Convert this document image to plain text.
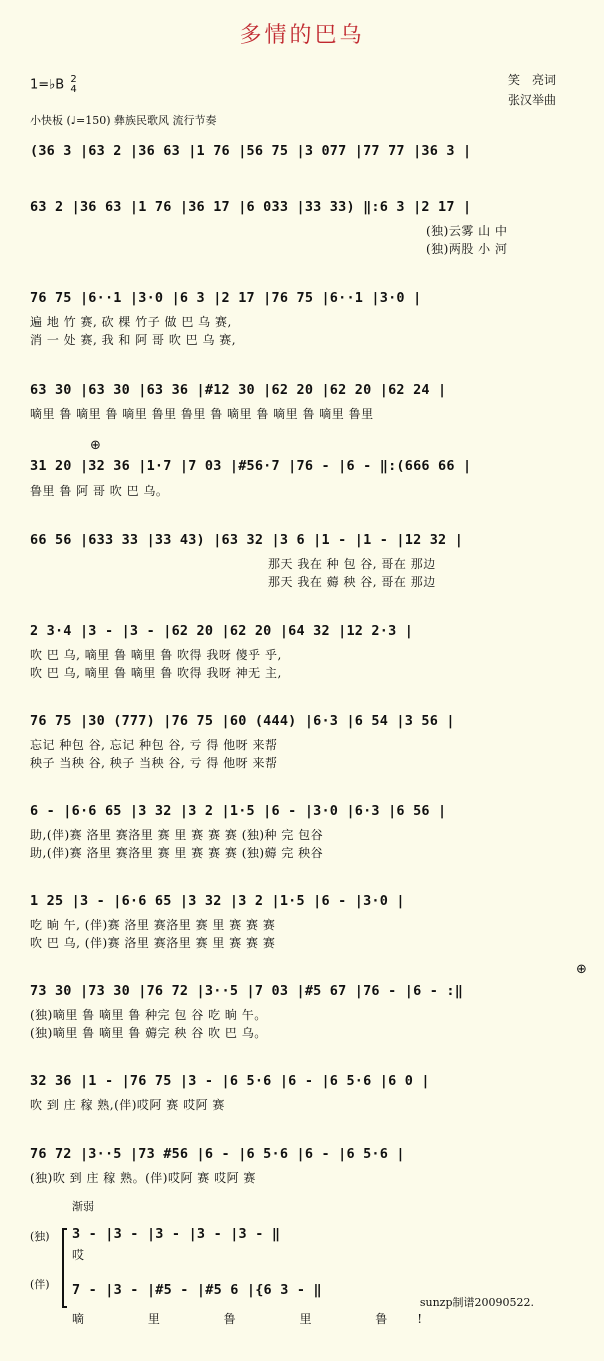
多情的巴乌
1=♭B 2
4
笑　亮词
张汉举曲
小快板 (♩=150) 彝族民歌风 流行节奏
(36 3 |63 2 |36 63 |1 76 |56 75 |3 077 |77 77 |36 3 |
63 2 |36 63 |1 76 |36 17 |6 033 |33 33) ‖:6 3 |2 17 |
(独)云雾 山 中
(独)两股 小 河
76 75 |6··1 |3·0 |6 3 |2 17 |76 75 |6··1 |3·0 |
遍 地 竹 赛, 砍 棵 竹子 做 巴 乌 赛,
消 一 处 赛, 我 和 阿 哥 吹 巴 乌 赛,
63 30 |63 30 |63 36 |#12 30 |62 20 |62 20 |62 24 |
嘀里 鲁 嘀里 鲁 嘀里 鲁里 鲁里 鲁 嘀里 鲁 嘀里 鲁 嘀里 鲁里
⊕
31 20 |32 36 |1·7 |7 03 |#56·7 |76 - |6 - ‖:(666 66 |
鲁里 鲁 阿 哥 吹 巴 乌。
66 56 |633 33 |33 43) |63 32 |3 6 |1 - |1 - |12 32 |
那天 我在 种 包 谷, 哥在 那边
那天 我在 薅 秧 谷, 哥在 那边
2 3·4 |3 - |3 - |62 20 |62 20 |64 32 |12 2·3 |
吹 巴 乌, 嘀里 鲁 嘀里 鲁 吹得 我呀 傻乎 乎,
吹 巴 乌, 嘀里 鲁 嘀里 鲁 吹得 我呀 神无 主,
76 75 |30 (777) |76 75 |60 (444) |6·3 |6 54 |3 56 |
忘记 种包 谷, 忘记 种包 谷, 亏 得 他呀 来帮
秧子 当秧 谷, 秧子 当秧 谷, 亏 得 他呀 来帮
6 - |6·6 65 |3 32 |3 2 |1·5 |6 - |3·0 |6·3 |6 56 |
助,(伴)赛 洛里 赛洛里 赛 里 赛 赛 赛 (独)种 完 包谷
助,(伴)赛 洛里 赛洛里 赛 里 赛 赛 赛 (独)薅 完 秧谷
1 25 |3 - |6·6 65 |3 32 |3 2 |1·5 |6 - |3·0 |
吃 晌 午, (伴)赛 洛里 赛洛里 赛 里 赛 赛 赛
吹 巴 乌, (伴)赛 洛里 赛洛里 赛 里 赛 赛 赛
⊕
73 30 |73 30 |76 72 |3··5 |7 03 |#5 67 |76 - |6 - :‖
(独)嘀里 鲁 嘀里 鲁 种完 包 谷 吃 晌 午。
(独)嘀里 鲁 嘀里 鲁 薅完 秧 谷 吹 巴 乌。
32 36 |1 - |76 75 |3 - |6 5·6 |6 - |6 5·6 |6 0 |
吹 到 庄 稼 熟,(伴)哎阿 赛 哎阿 赛
76 72 |3··5 |73 #56 |6 - |6 5·6 |6 - |6 5·6 |
(独)吹 到 庄 稼 熟。(伴)哎阿 赛 哎阿 赛
渐弱
(独) 3 - |3 - |3 - |3 - |3 - ‖
哎
(伴) 7 - |3 - |#5 - |#5 6 |{6 3 - ‖
嘀 里 鲁 里 鲁!
sunzp制谱20090522.
